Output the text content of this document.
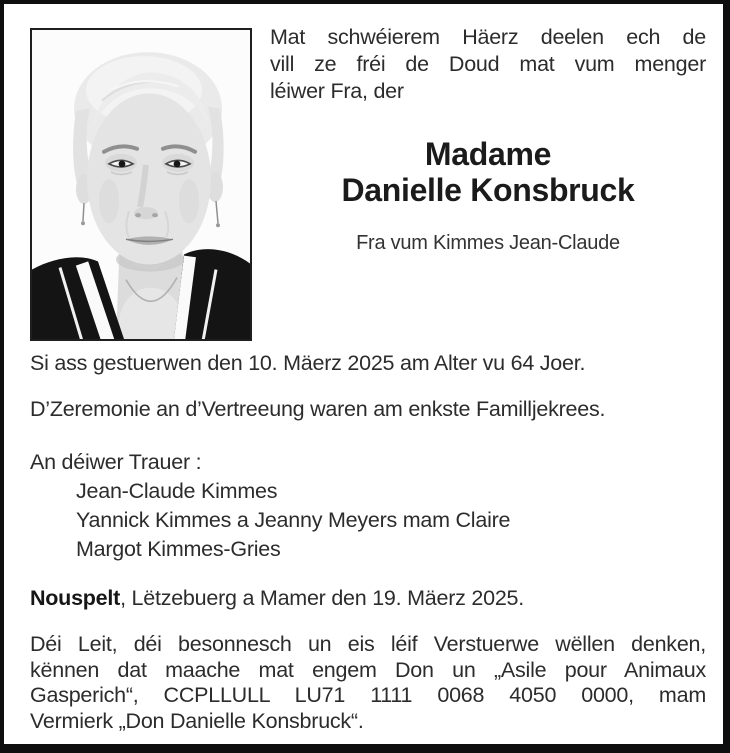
Mat schwéierem Häerz deelen ech de
vill ze fréi de Doud mat vum menger
léiwer Fra, der
Madame
Danielle Konsbruck
Fra vum Kimmes Jean-Claude
Si ass gestuerwen den 10. Mäerz 2025 am Alter vu 64 Joer.
D’Zeremonie an d’Vertreeung waren am enkste Familljekrees.
An déiwer Trauer :
Jean-Claude Kimmes
Yannick Kimmes a Jeanny Meyers mam Claire
Margot Kimmes-Gries
Nouspelt, Lëtzebuerg a Mamer den 19. Mäerz 2025.
Déi Leit, déi besonnesch un eis léif Verstuerwe wëllen denken,
kënnen dat maache mat engem Don un „Asile pour Animaux
Gasperich“, CCPLLULL LU71 1111 0068 4050 0000, mam
Vermierk „Don Danielle Konsbruck“.
